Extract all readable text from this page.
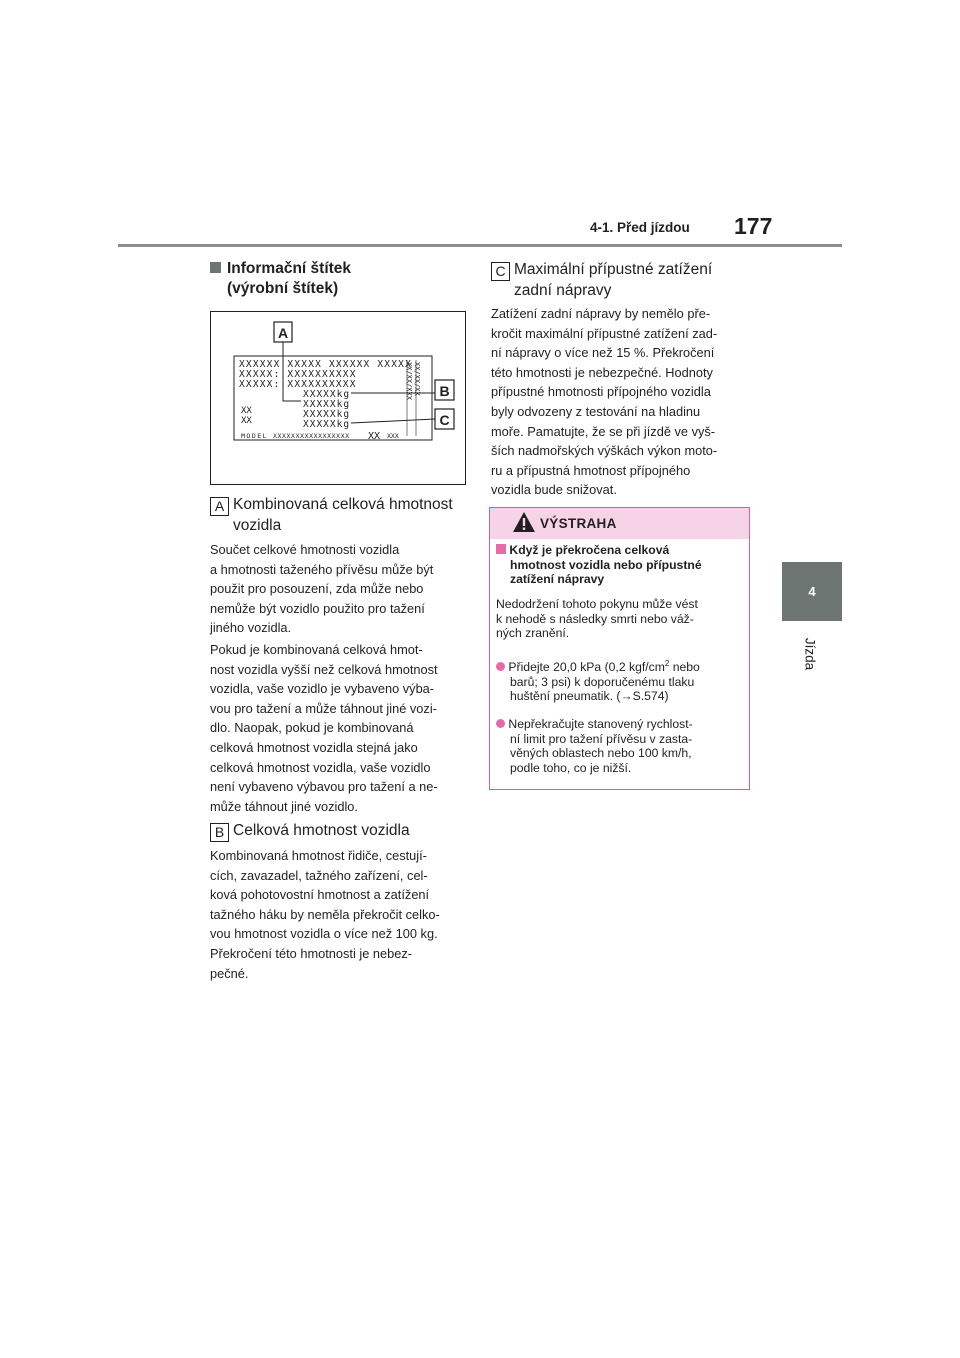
4-1. Před jízdou 177
4
Jízda
Informační štítek
(výrobní štítek)
A
B
C
XXXXXX XXXXX XXXXXX XXXXX
XXXXX: XXXXXXXXXX
XXXXX: XXXXXXXXXX
XXXXXkg
XXXXXkg
XXXXXkg
XXXXXkg
XX
XX
XX/XX/XXX XX/XX/XX
MODEL XXXXXXXXXXXXXXXXX XX XXX
A Kombinovaná celková hmotnost
vozidla
Součet celkové hmotnosti vozidla
a hmotnosti taženého přívěsu může být
použit pro posouzení, zda může nebo
nemůže být vozidlo použito pro tažení
jiného vozidla.
Pokud je kombinovaná celková hmot-
nost vozidla vyšší než celková hmotnost
vozidla, vaše vozidlo je vybaveno výba-
vou pro tažení a může táhnout jiné vozi-
dlo. Naopak, pokud je kombinovaná
celková hmotnost vozidla stejná jako
celková hmotnost vozidla, vaše vozidlo
není vybaveno výbavou pro tažení a ne-
může táhnout jiné vozidlo.
B Celková hmotnost vozidla
Kombinovaná hmotnost řidiče, cestují-
cích, zavazadel, tažného zařízení, cel-
ková pohotovostní hmotnost a zatížení
tažného háku by neměla překročit celko-
vou hmotnost vozidla o více než 100 kg.
Překročení této hmotnosti je nebez-
pečné.
C Maximální přípustné zatížení
zadní nápravy
Zatížení zadní nápravy by nemělo pře-
kročit maximální přípustné zatížení zad-
ní nápravy o více než 15 %. Překročení
této hmotnosti je nebezpečné. Hodnoty
přípustné hmotnosti přípojného vozidla
byly odvozeny z testování na hladinu
moře. Pamatujte, že se při jízdě ve vyš-
ších nadmořských výškách výkon moto-
ru a přípustná hmotnost přípojného
vozidla bude snižovat.
VÝSTRAHA
Když je překročena celková
hmotnost vozidla nebo přípustné
zatížení nápravy
Nedodržení tohoto pokynu může vést
k nehodě s následky smrti nebo váž-
ných zranění.
Přidejte 20,0 kPa (0,2 kgf/$cm^2$ nebo
barů; 3 psi) k doporučenému tlaku
huštění pneumatik. (→S.574)
Nepřekračujte stanovený rychlost-
ní limit pro tažení přívěsu v zasta-
věných oblastech nebo 100 km/h,
podle toho, co je nižší.
